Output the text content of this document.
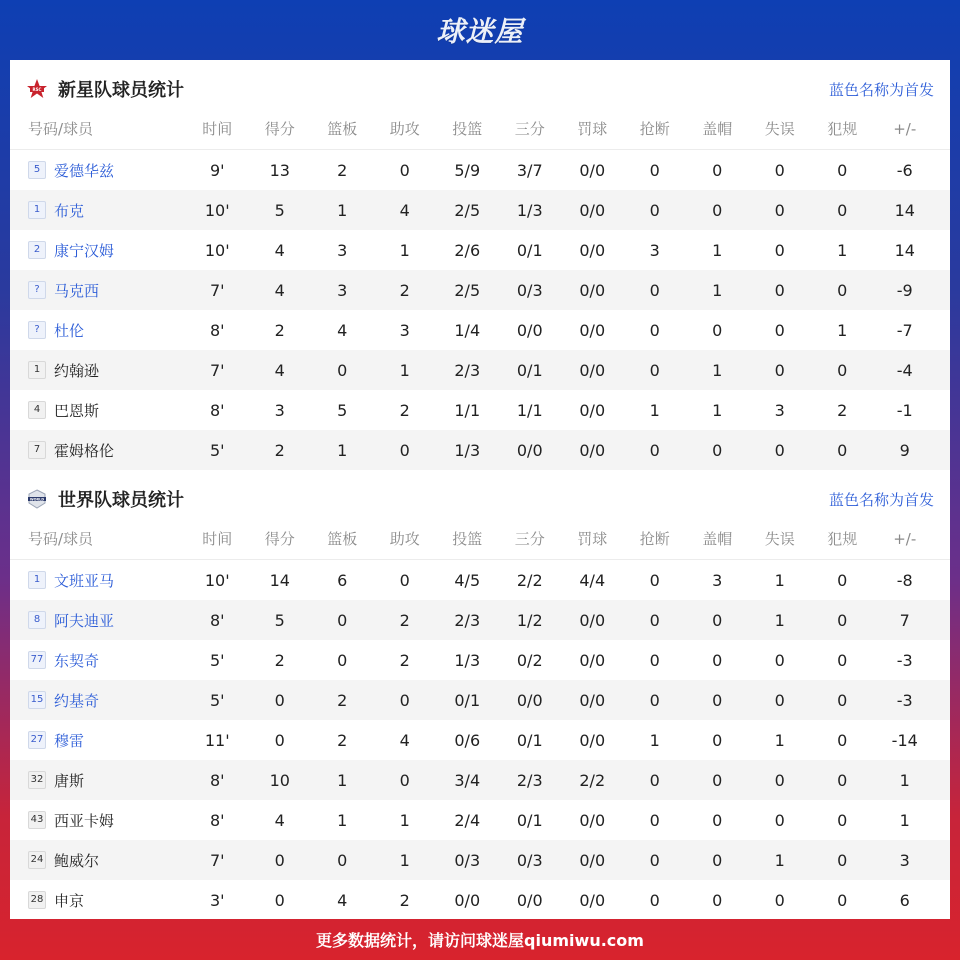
球迷屋
RSC 新星队球员统计	蓝色名称为首发
号码/球员	时间	得分	篮板	助攻	投篮	三分	罚球	抢断	盖帽	失误	犯规	+/-
5 爱德华兹	9'	13	2	0	5/9	3/7	0/0	0	0	0	0	-6
1 布克	10'	5	1	4	2/5	1/3	0/0	0	0	0	0	14
2 康宁汉姆	10'	4	3	1	2/6	0/1	0/0	3	1	0	1	14
? 马克西	7'	4	3	2	2/5	0/3	0/0	0	1	0	0	-9
? 杜伦	8'	2	4	3	1/4	0/0	0/0	0	0	0	1	-7
1 约翰逊	7'	4	0	1	2/3	0/1	0/0	0	1	0	0	-4
4 巴恩斯	8'	3	5	2	1/1	1/1	0/0	1	1	3	2	-1
7 霍姆格伦	5'	2	1	0	1/3	0/0	0/0	0	0	0	0	9
WORLD 世界队球员统计	蓝色名称为首发
号码/球员	时间	得分	篮板	助攻	投篮	三分	罚球	抢断	盖帽	失误	犯规	+/-
1 文班亚马	10'	14	6	0	4/5	2/2	4/4	0	3	1	0	-8
8 阿夫迪亚	8'	5	0	2	2/3	1/2	0/0	0	0	1	0	7
77 东契奇	5'	2	0	2	1/3	0/2	0/0	0	0	0	0	-3
15 约基奇	5'	0	2	0	0/1	0/0	0/0	0	0	0	0	-3
27 穆雷	11'	0	2	4	0/6	0/1	0/0	1	0	1	0	-14
32 唐斯	8'	10	1	0	3/4	2/3	2/2	0	0	0	0	1
43 西亚卡姆	8'	4	1	1	2/4	0/1	0/0	0	0	0	0	1
24 鲍威尔	7'	0	0	1	0/3	0/3	0/0	0	0	1	0	3
28 申京	3'	0	4	2	0/0	0/0	0/0	0	0	0	0	6
更多数据统计，请访问球迷屋qiumiwu.com
